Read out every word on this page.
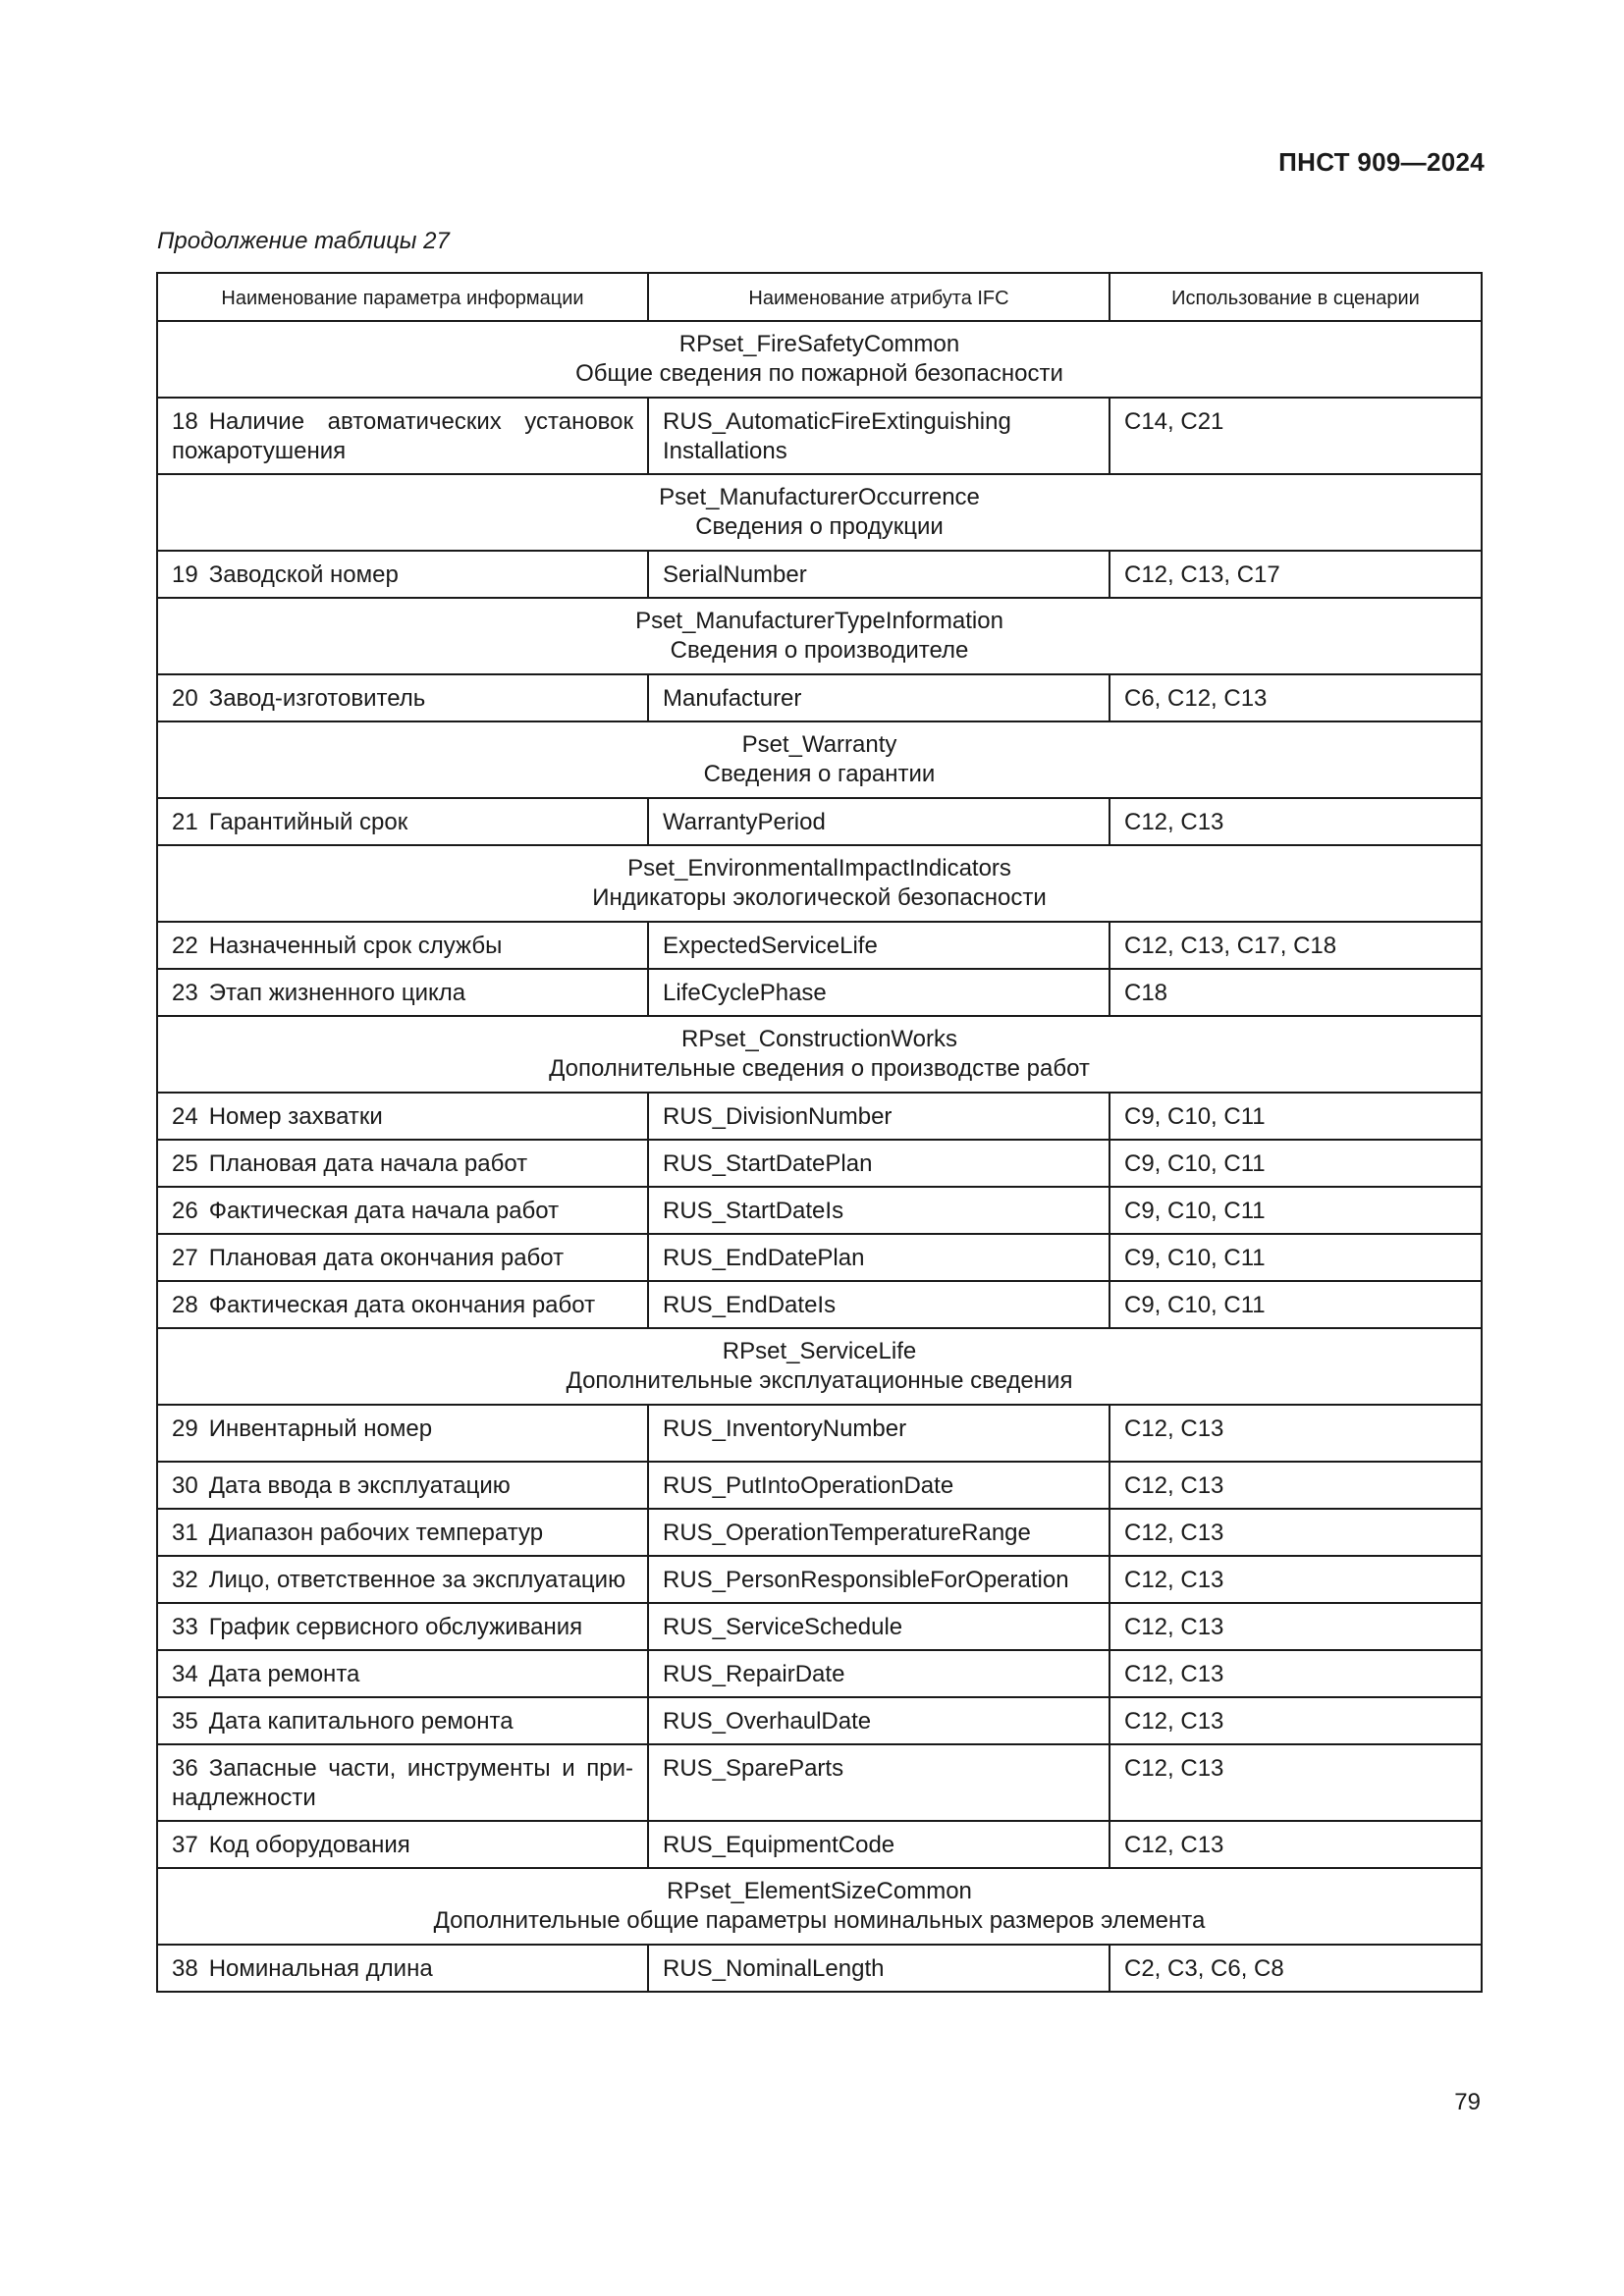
ПНСТ 909—2024
Продолжение таблицы 27
Наименование параметра информации	Наименование атрибута IFC	Использование в сценарии

RPset_FireSafetyCommon
Общие сведения по пожарной безопасности		

18 Наличие автоматических установок пожаротушения	RUS_AutomaticFireExtinguishing Installations	C14, C21

Pset_ManufacturerOccurrence
Сведения о продукции		

19 Заводской номер	SerialNumber	C12, C13, C17

Pset_ManufacturerTypeInformation
Сведения о производителе		

20 Завод-изготовитель	Manufacturer	C6, C12, C13

Pset_Warranty
Сведения о гарантии		

21 Гарантийный срок	WarrantyPeriod	C12, C13

Pset_EnvironmentalImpactIndicators
Индикаторы экологической безопасности		

22 Назначенный срок службы	ExpectedServiceLife	C12, C13, C17, C18
23 Этап жизненного цикла	LifeCyclePhase	C18

RPset_ConstructionWorks
Дополнительные сведения о производстве работ		

24 Номер захватки	RUS_DivisionNumber	C9, C10, C11
25 Плановая дата начала работ	RUS_StartDatePlan	C9, C10, C11
26 Фактическая дата начала работ	RUS_StartDateIs	C9, C10, C11
27 Плановая дата окончания работ	RUS_EndDatePlan	C9, C10, C11
28 Фактическая дата окончания работ	RUS_EndDateIs	C9, C10, C11

RPset_ServiceLife
Дополнительные эксплуатационные сведения		

29 Инвентарный номер	RUS_InventoryNumber	C12, C13
30 Дата ввода в эксплуатацию	RUS_PutIntoOperationDate	C12, C13
31 Диапазон рабочих температур	RUS_OperationTemperatureRange	C12, C13
32 Лицо, ответственное за эксплуатацию	RUS_PersonResponsibleForOperation	C12, C13
33 График сервисного обслуживания	RUS_ServiceSchedule	C12, C13
34 Дата ремонта	RUS_RepairDate	C12, C13
35 Дата капитального ремонта	RUS_OverhaulDate	C12, C13
36 Запасные части, инструменты и при-надлежности	RUS_SpareParts	C12, C13
37 Код оборудования	RUS_EquipmentCode	C12, C13

RPset_ElementSizeCommon
Дополнительные общие параметры номинальных размеров элемента		

38 Номинальная длина	RUS_NominalLength	C2, C3, C6, C8
79
